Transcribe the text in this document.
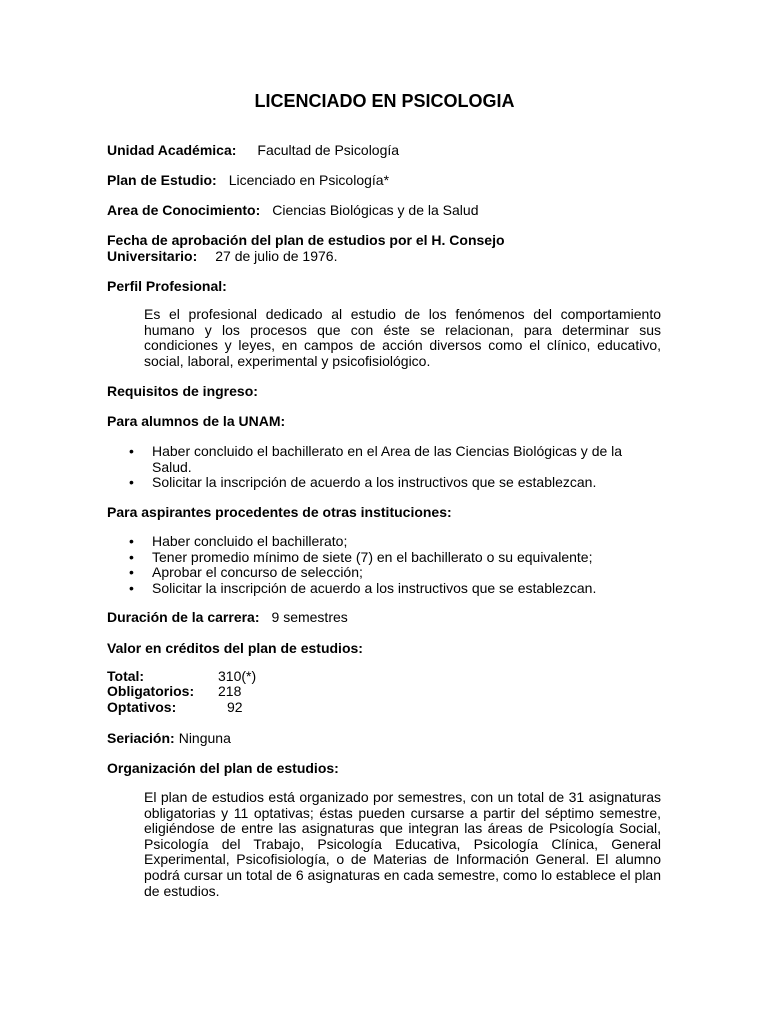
LICENCIADO EN PSICOLOGIA
Unidad Académica: Facultad de Psicología
Plan de Estudio: Licenciado en Psicología*
Area de Conocimiento: Ciencias Biológicas y de la Salud
Fecha de aprobación del plan de estudios por el H. Consejo
Universitario: 27 de julio de 1976.
Perfil Profesional:
Es el profesional dedicado al estudio de los fenómenos del comportamiento humano y los procesos que con éste se relacionan, para determinar sus condiciones y leyes, en campos de acción diversos como el clínico, educativo, social, laboral, experimental y psicofisiológico.
Requisitos de ingreso:
Para alumnos de la UNAM:
• Haber concluido el bachillerato en el Area de las Ciencias Biológicas y de la Salud.
• Solicitar la inscripción de acuerdo a los instructivos que se establezcan.
Para aspirantes procedentes de otras instituciones:
• Haber concluido el bachillerato;
• Tener promedio mínimo de siete (7) en el bachillerato o su equivalente;
• Aprobar el concurso de selección;
• Solicitar la inscripción de acuerdo a los instructivos que se establezcan.
Duración de la carrera: 9 semestres
Valor en créditos del plan de estudios:
Total:	310(*)
Obligatorios: 218
Optativos:	92
Seriación: Ninguna
Organización del plan de estudios:
El plan de estudios está organizado por semestres, con un total de 31 asignaturas obligatorias y 11 optativas; éstas pueden cursarse a partir del séptimo semestre, eligiéndose de entre las asignaturas que integran las áreas de Psicología Social, Psicología del Trabajo, Psicología Educativa, Psicología Clínica, General Experimental, Psicofisiología, o de Materias de Información General. El alumno podrá cursar un total de 6 asignaturas en cada semestre, como lo establece el plan de estudios.
